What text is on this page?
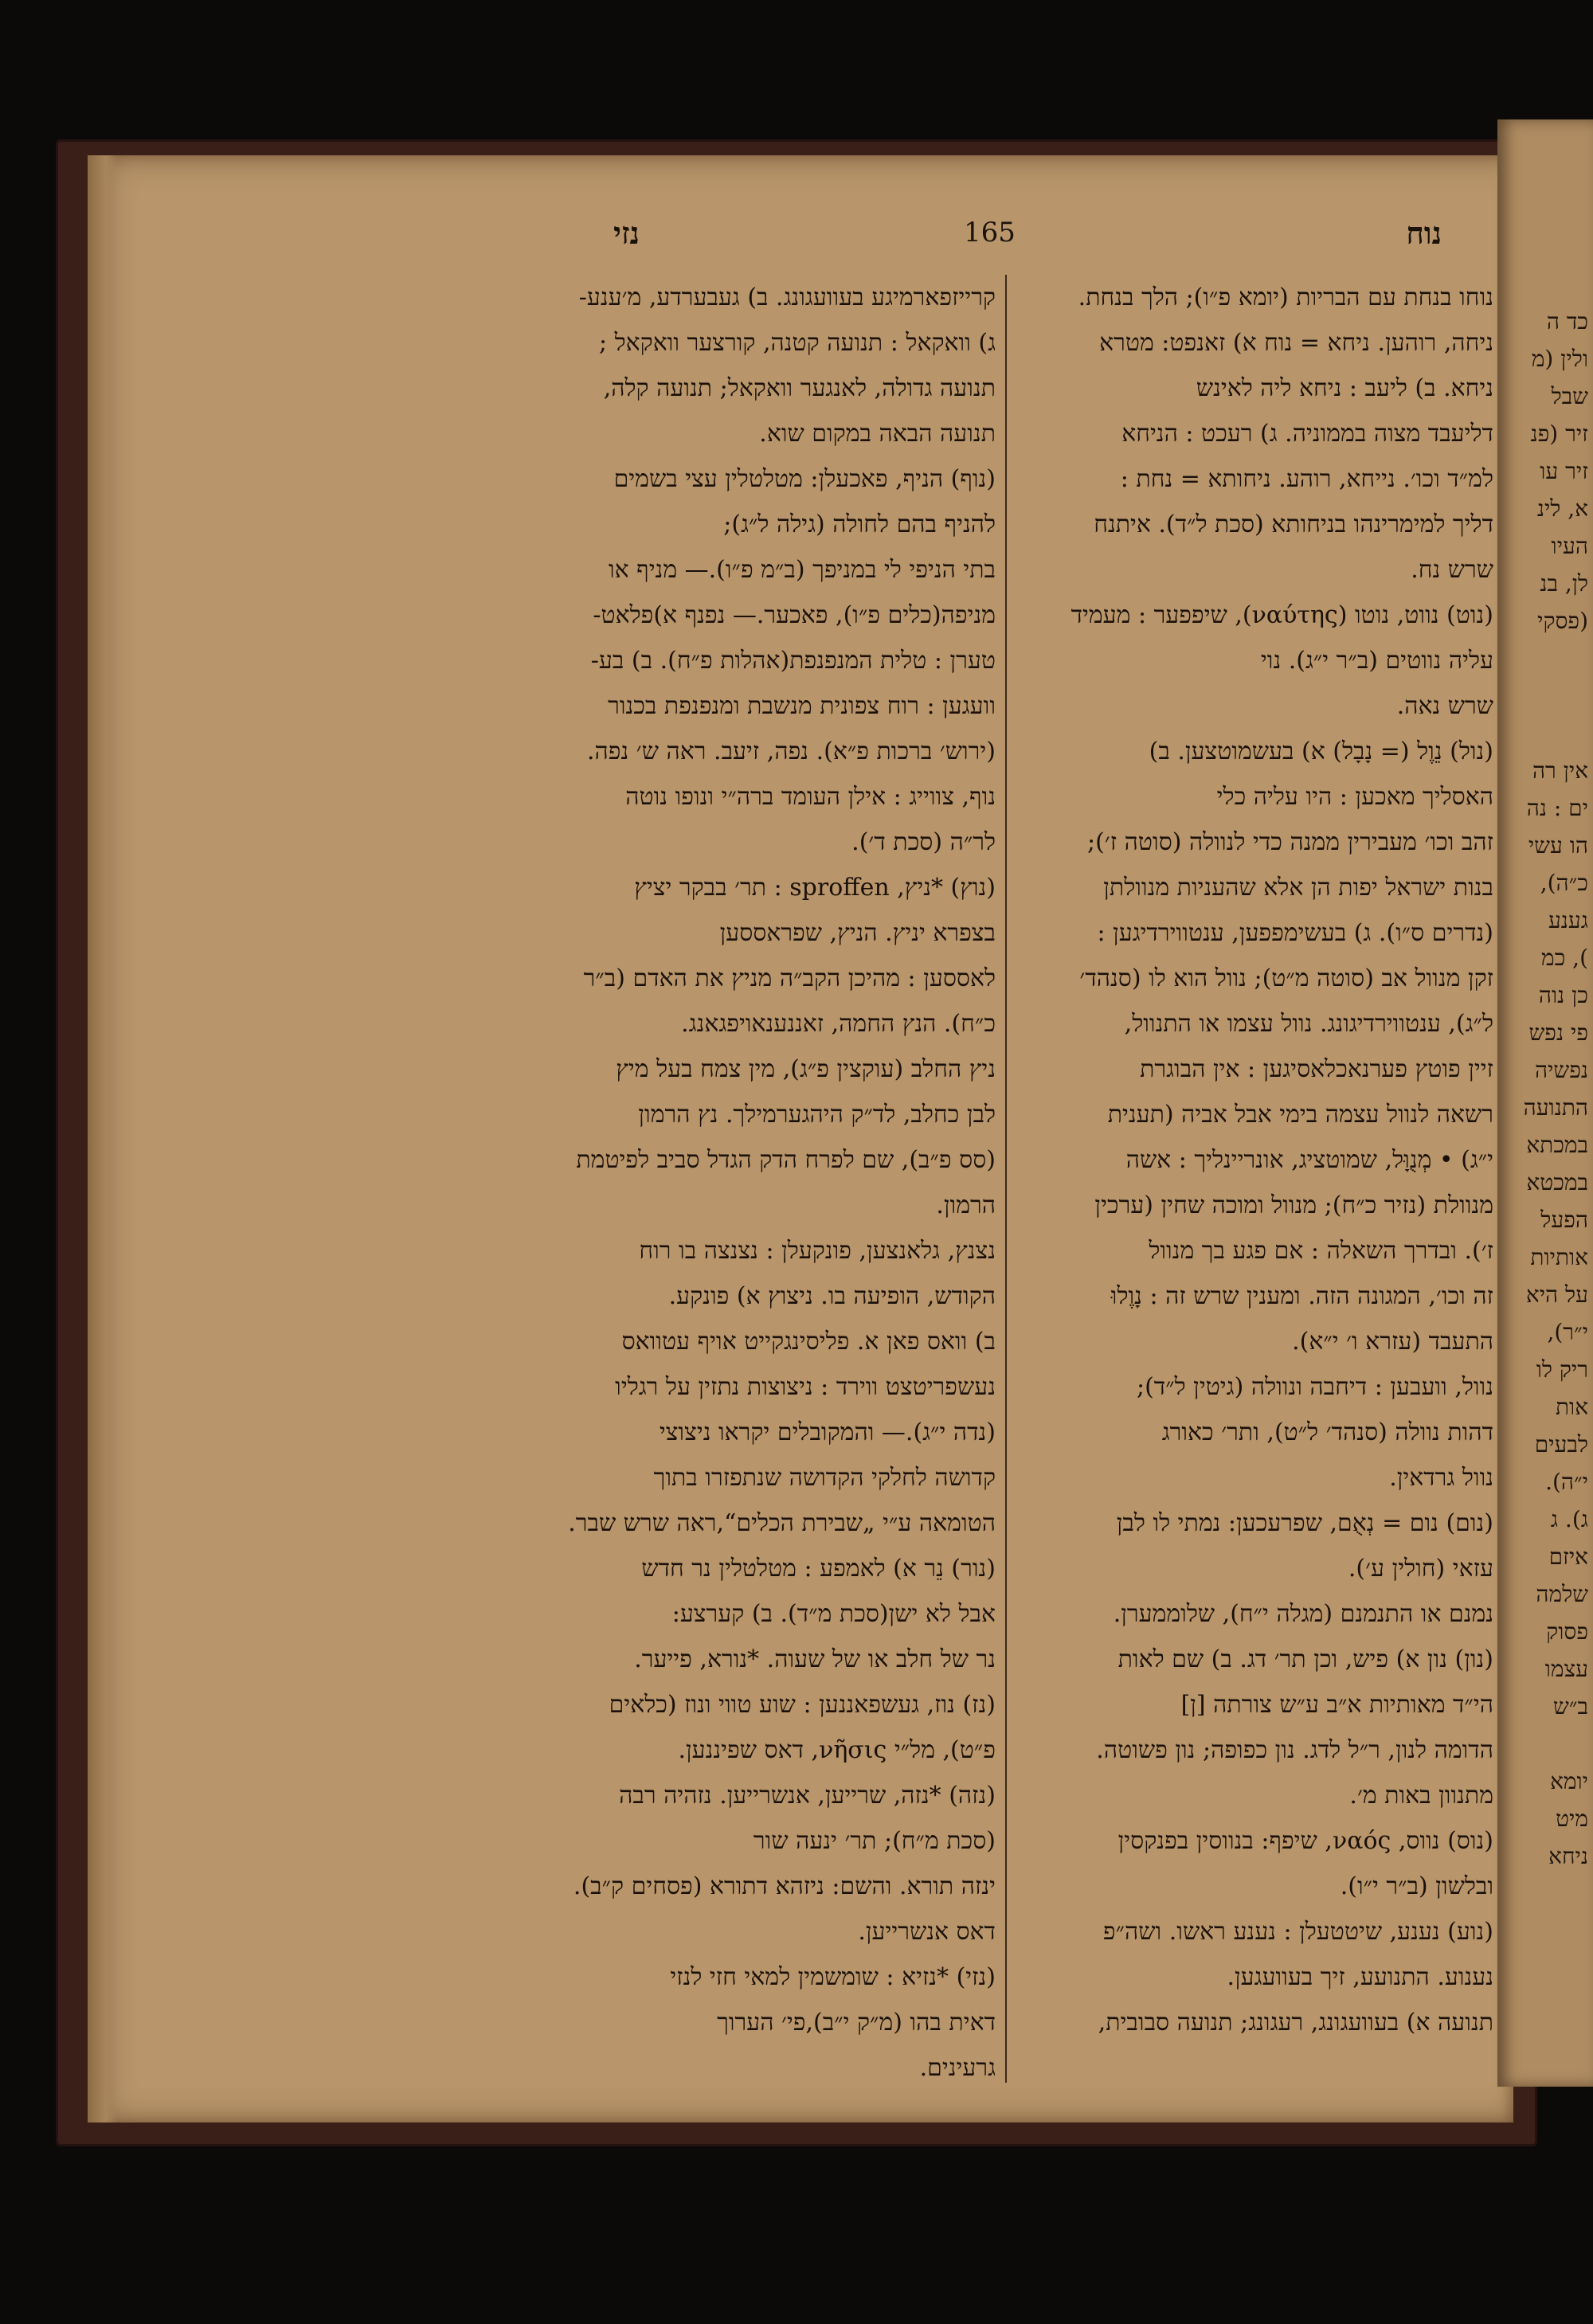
כד ה
ולין (מ
שבל
זיר (פנ
זיר עו
א, לינ
העיו
לן, בנ
(פסקי

אין רה
ים : נה
הו עשי
כ״ה),
גענע
), כמ
כן נוה
פי נפש
נפשיה
התנועה
במכתא
במכטא
הפעל
אותיות
על היא
י״ר),
ריק לו
אות
לבעים
י״ה).
ג). ג
איזם
שלמה
פסוק
עצמו
ב״ש

יומא
מיט
ניחא
נוח
נזי	165
נוחו בנחת עם הבריות (יומא פ״ו); הלך בנחת.
ניחה, רוהען. ניחא = נוח א) זאנפט: מטרא
ניחא. ב) ליעב : ניחא ליה לאינש
דליעבד מצוה בממוניה. ג) רעכט : הניחא
למ״ד וכו׳. נייחא, רוהע. ניחותא = נחת :
דליך למימרינהו בניחותא (סכת ל״ד). איתנח
שרש נח.
(נוט) נווט, נוטו (ναύτης), שיפפער : מעמיד
עליה נווטים (ב״ר י״ג). נוי
שרש נאה.
(נול) נֵוֶל (= נָבָל) א) בעשמוטצען. ב)
האסליך מאכען : היו עליה כלי
זהב וכו׳ מעבירין ממנה כדי לנוולה (סוטה ז׳);
בנות ישראל יפות הן אלא שהעניות מנוולתן
(נדרים ס״ו). ג) בעשימפפען, ענטווירדיגען :
זקן מנוול אב (סוטה מ״ט); נוול הוא לו (סנהד׳
ל״ג), ענטווירדיגונג. נוול עצמו או התנוול,
זיין פוטץ פערנאכלאסיגען : אין הבוגרת
רשאה לנוול עצמה בימי אבל אביה (תענית
י״ג) • מְנֻוָּל, שמוטציג, אונריינליך : אשה
מנוולת (נזיר כ״ח); מנוול ומוכה שחין (ערכין
ז׳). ובדרך השאלה : אם פגע בך מנוול
זה וכו׳, המגונה הזה. ומענין שרש זה : נָוֶלוּ
התעבד (עזרא ו׳ י״א).
נוול, וועבען : דיחבה ונוולה (גיטין ל״ד);
דהות נוולה (סנהד׳ ל״ט), ותר׳ כאורג
נוול גרדאין.
(נום) נום = נְאֻם, שפרעכען: נמתי לו לבן
עזאי (חולין ע׳).
נמנם או התנמנם (מגלה י״ח), שלוממערן.
(נון) נון א) פיש, וכן תר׳ דג. ב) שם לאות
הי״ד מאותיות א״ב ע״ש צורתה [ן]
הדומה לנון, ר״ל לדג. נון כפופה; נון פשוטה.
מתנוון באות מ׳.
(נוס) נווס, ναός, שיפף: בנווסין בפנקסין
ובלשון (ב״ר י״ו).
(נוע) נענע, שיטטעלן : נענע ראשו. ושה״פ
נענוע. התנועע, זיך בעוועגען.
תנועה א) בעוועגונג, רעגונג; תנועה סבובית,
קרייזפארמיגע בעוועגונג. ב) געבערדע, מ׳ענע-
ג) וואקאל : תנועה קטנה, קורצער וואקאל ;
תנועה גדולה, לאנגער וואקאל; תנועה קלה,
תנועה הבאה במקום שוא.
(נוף) הניף, פאכעלן: מטלטלין עצי בשמים
להניף בהם לחולה (גילה ל״ג);
בתי הניפי לי במניפך (ב״מ פ״ו).— מניף או
מניפה(כלים פ״ו), פאכער.— נפנף א)פלאט-
טערן : טלית המנפנפת(אהלות פ״ח). ב) בע-
וועגען : רוח צפונית מנשבת ומנפנפת בכנור
(ירוש׳ ברכות פ״א). נפה, זיעב. ראה ש׳ נפה.
נוף, צווייג : אילן העומד ברה״י ונופו נוטה
לר״ה (סכת ד׳).
(נוץ) *ניץ, sproffen : תר׳ בבקר יציץ
בצפרא יניץ. הניץ, שפראססען
לאססען : מהיכן הקב״ה מניץ את האדם (ב״ר
כ״ח). הנץ החמה, זאננענאויפגאנג.
ניץ החלב (עוקצין פ״ג), מין צמח בעל מיץ
לבן כחלב, לד״ק היהגערמילך. נץ הרמון
(סס פ״ב), שם לפרח הדק הגדל סביב לפיטמת
הרמון.
נצנץ, גלאנצען, פונקעלן : נצנצה בו רוח
הקודש, הופיעה בו. ניצוץ א) פונקע.
ב) וואס פאן א. פליסינגקייט אויף עטוואס
נעשפריטצט ווירד : ניצוצות נתזין על רגליו
(נדה י״ג).— והמקובלים יקראו ניצוצי
קדושה לחלקי הקדושה שנתפזרו בתוך
הטומאה ע״י „שבירת הכלים“,ראה שרש שבר.
(נור) נֵר א) לאמפע : מטלטלין נר חדש
אבל לא ישן(סכת מ״ד). ב) קערצע:
נר של חלב או של שעוה. *נורא, פייער.
(נז) נוז, געשפאננען : שוע טווי ונוז (כלאים
פ״ט), מל״י νῆσις, דאס שפיננען.
(נזה) *נזה, שרייען, אנשרייען. נזהיה רבה
(סכת מ״ח); תר׳ ינעה שור
ינזה תורא. והשם: ניזהא דתורא (פסחים ק״ב).
דאס אנשרייען.
(נזי) *נזיא : שומשמין למאי חזי לנזי
דאית בהו (מ״ק י״ב),פי׳ הערוך
גרעינים.
